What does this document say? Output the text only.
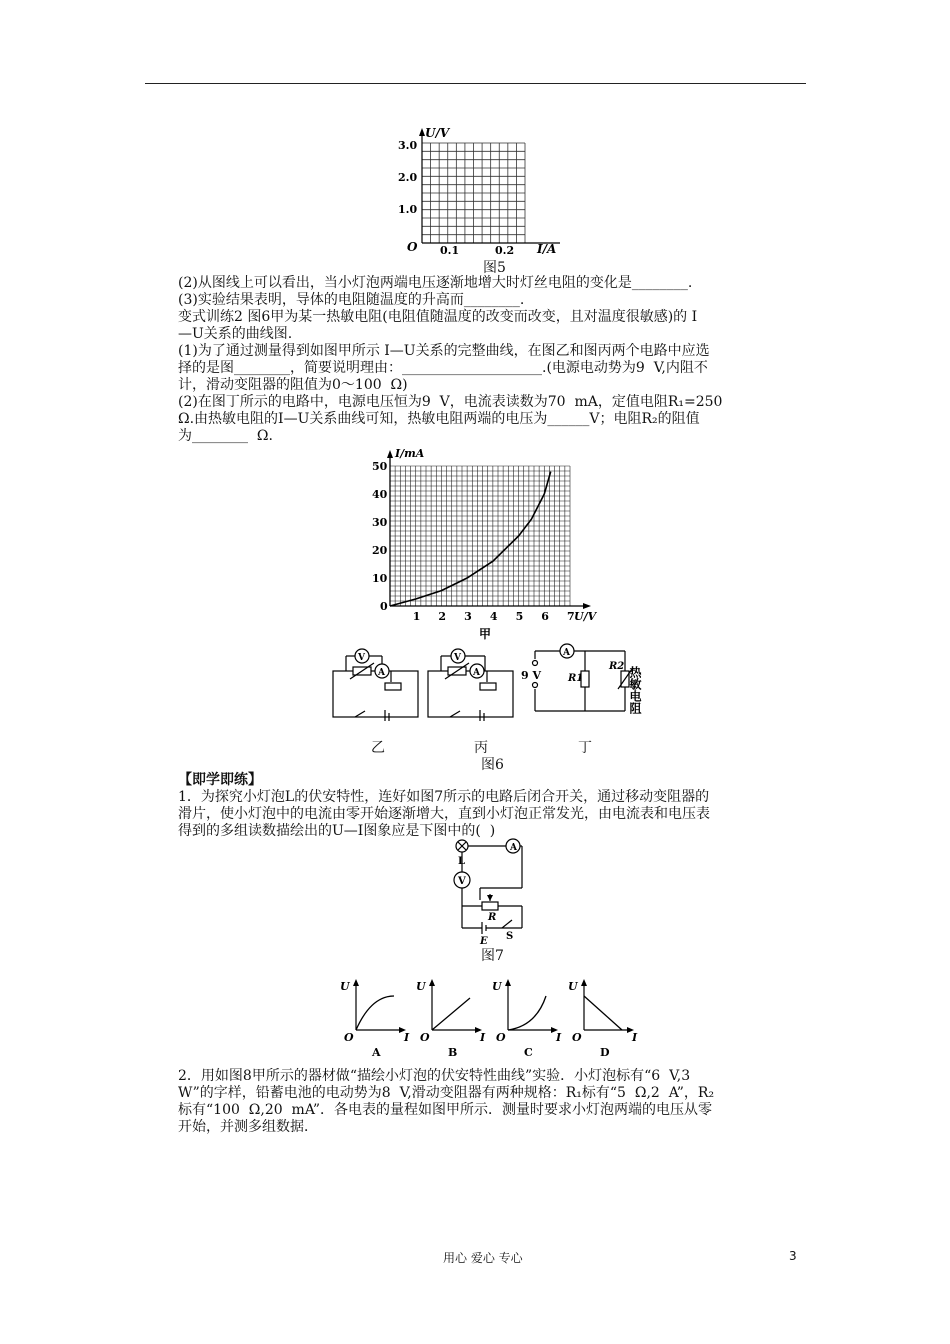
U/V
I/A
O
1.0
2.0
3.0
0.1	0.2
图5
(2)从图线上可以看出，当小灯泡两端电压逐渐地增大时灯丝电阻的变化是________.
(3)实验结果表明，导体的电阻随温度的升高而________.
变式训练2 图6甲为某一热敏电阻(电阻值随温度的改变而改变，且对温度很敏感)的 I
—U关系的曲线图.
(1)为了通过测量得到如图甲所示 I—U关系的完整曲线，在图乙和图丙两个电路中应选
择的是图________，简要说明理由：____________________.(电源电动势为9  V,内阻不
计，滑动变阻器的阻值为0～100  Ω)
(2)在图丁所示的电路中，电源电压恒为9  V，电流表读数为70  mA，定值电阻R₁=250
Ω.由热敏电阻的I—U关系曲线可知，热敏电阻两端的电压为______V；电阻R₂的阻值
为________  Ω.
10
20
30
40
50
1 2 3 4 5 6 7
I/mA
U/V
0
甲
V
A
V
A
A
9 V	R1
R2 热敏电阻
乙	丙	丁
图6
【即学即练】
1．为探究小灯泡L的伏安特性，连好如图7所示的电路后闭合开关，通过移动变阻器的
滑片，使小灯泡中的电流由零开始逐渐增大，直到小灯泡正常发光，由电流表和电压表
得到的多组读数描绘出的U—I图象应是下图中的(  )
A
V
L
R
E S
图7
U
O	I
A
U
O	I
B
U
O	I
C
U
O	I
D
2．用如图8甲所示的器材做“描绘小灯泡的伏安特性曲线”实验．小灯泡标有“6  V,3
W”的字样，铅蓄电池的电动势为8  V,滑动变阻器有两种规格：R₁标有“5  Ω,2  A”，R₂
标有“100  Ω,20  mA”．各电表的量程如图甲所示．测量时要求小灯泡两端的电压从零
开始，并测多组数据．
用心 爱心 专心	3
